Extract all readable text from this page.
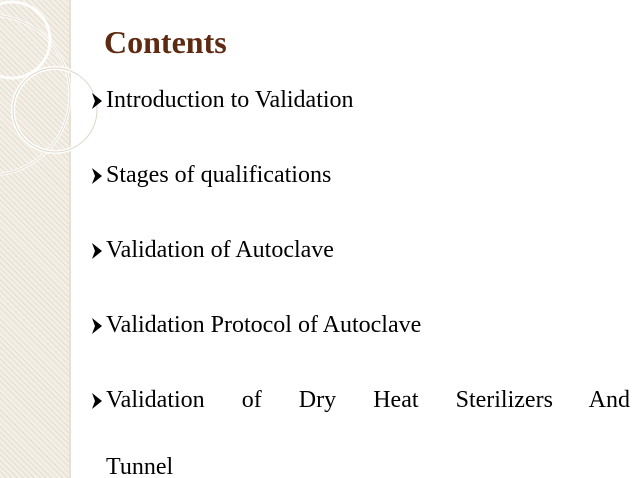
Contents
Introduction to Validation
Stages of qualifications
Validation of Autoclave
Validation Protocol of Autoclave
Validation of Dry Heat Sterilizers And
Tunnel
